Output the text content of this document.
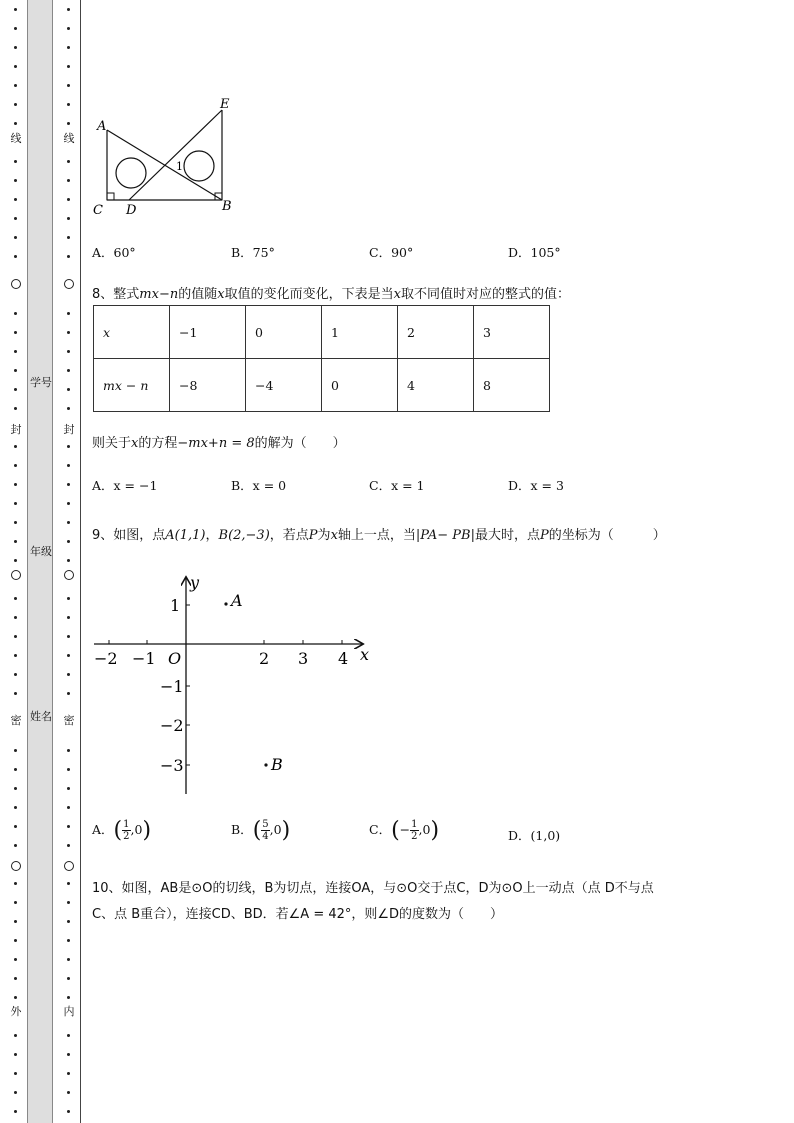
学号
年级
姓名
线
封
密
外
线
封
密
内
A
E
C D	B
1
A．60°	B．75°	C．90°	D．105°
8、整式mx−n的值随x取值的变化而变化，下表是当x取不同值时对应的整式的值：
x	−1	0	1	2	3
mx − n	−8	−4	0	4	8
则关于x的方程−mx+n = 8的解为（　　）
A．x = −1	B．x = 0	C．x = 1	D．x = 3
9、如图，点A(1,1)，B(2,−3)，若点P为x轴上一点，当|PA− PB|最大时，点P的坐标为（　　　）
−2 −1 O	2 3 4 x
y
1
−1
−2
−3
A
B
A．( $\frac{1}{2} ,0$)	B．( $\frac{5}{4} ,0$)	C．(− $\frac{1}{2} ,0$)	D．(1,0)
10、如图，AB是⊙O的切线，B为切点，连接OA，与⊙O交于点C，D为⊙O上一动点（点 D不与点
C、点 B重合），连接CD、BD．若∠A = 42°，则∠D的度数为（　　）
